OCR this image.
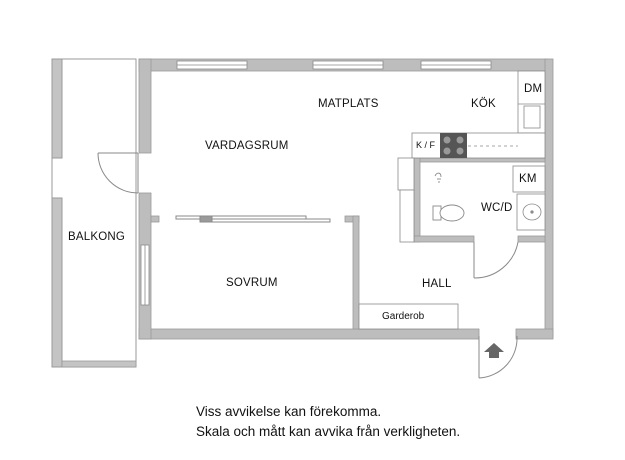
VARDAGSRUM
MATPLATS	KÖK
DM
K / F
KM
WC/D
BALKONG
SOVRUM	HALL
Garderob
Viss avvikelse kan förekomma.
Skala och mått kan avvika från verkligheten.
